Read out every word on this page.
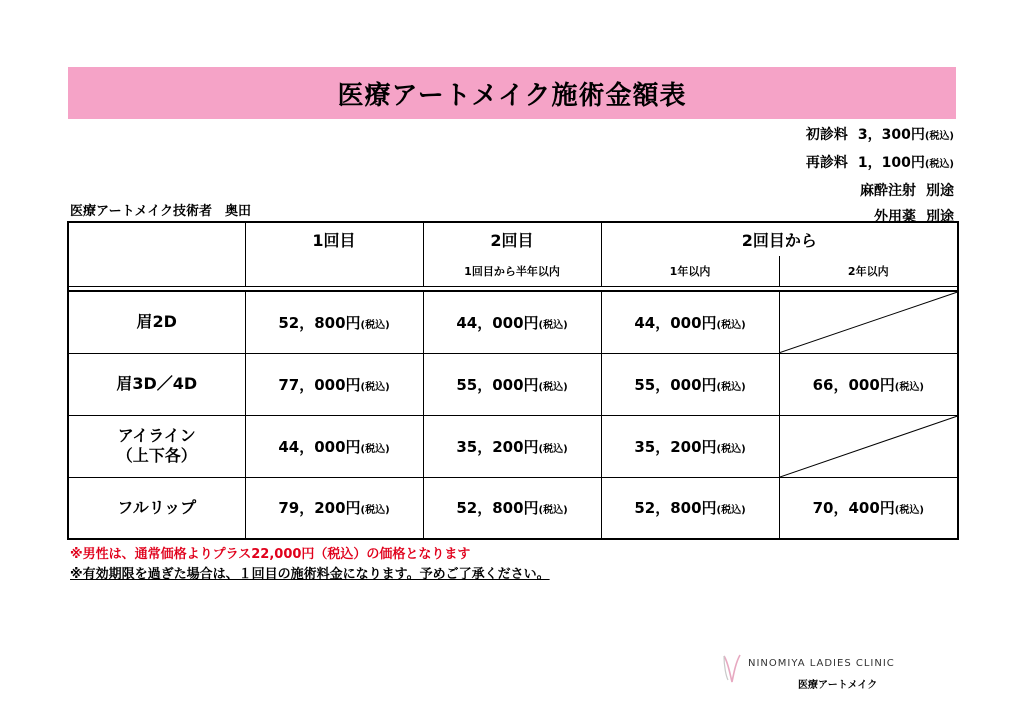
医療アートメイク施術金額表
初診料 3，300円(税込)
再診料 1，100円(税込)
麻酔注射 別途
外用薬 別途
医療アートメイク技術者　奥田
	1回目	2回目	2回目から	
		1回目から半年以内	1年以内	2年以内

眉2D	52，800円(税込)	44，000円(税込)	44，000円(税込)	

眉3D／4D	77，000円(税込)	55，000円(税込)	55，000円(税込)	66，000円(税込)

アイライン
（上下各）	44，000円(税込)	35，200円(税込)	35，200円(税込)	

フルリップ	79，200円(税込)	52，800円(税込)	52，800円(税込)	70，400円(税込)
※男性は、通常価格よりプラス22,000円（税込）の価格となります
※有効期限を過ぎた場合は、１回目の施術料金になります。予めご了承ください。
NINOMIYA LADIES CLINIC
医療アートメイク
